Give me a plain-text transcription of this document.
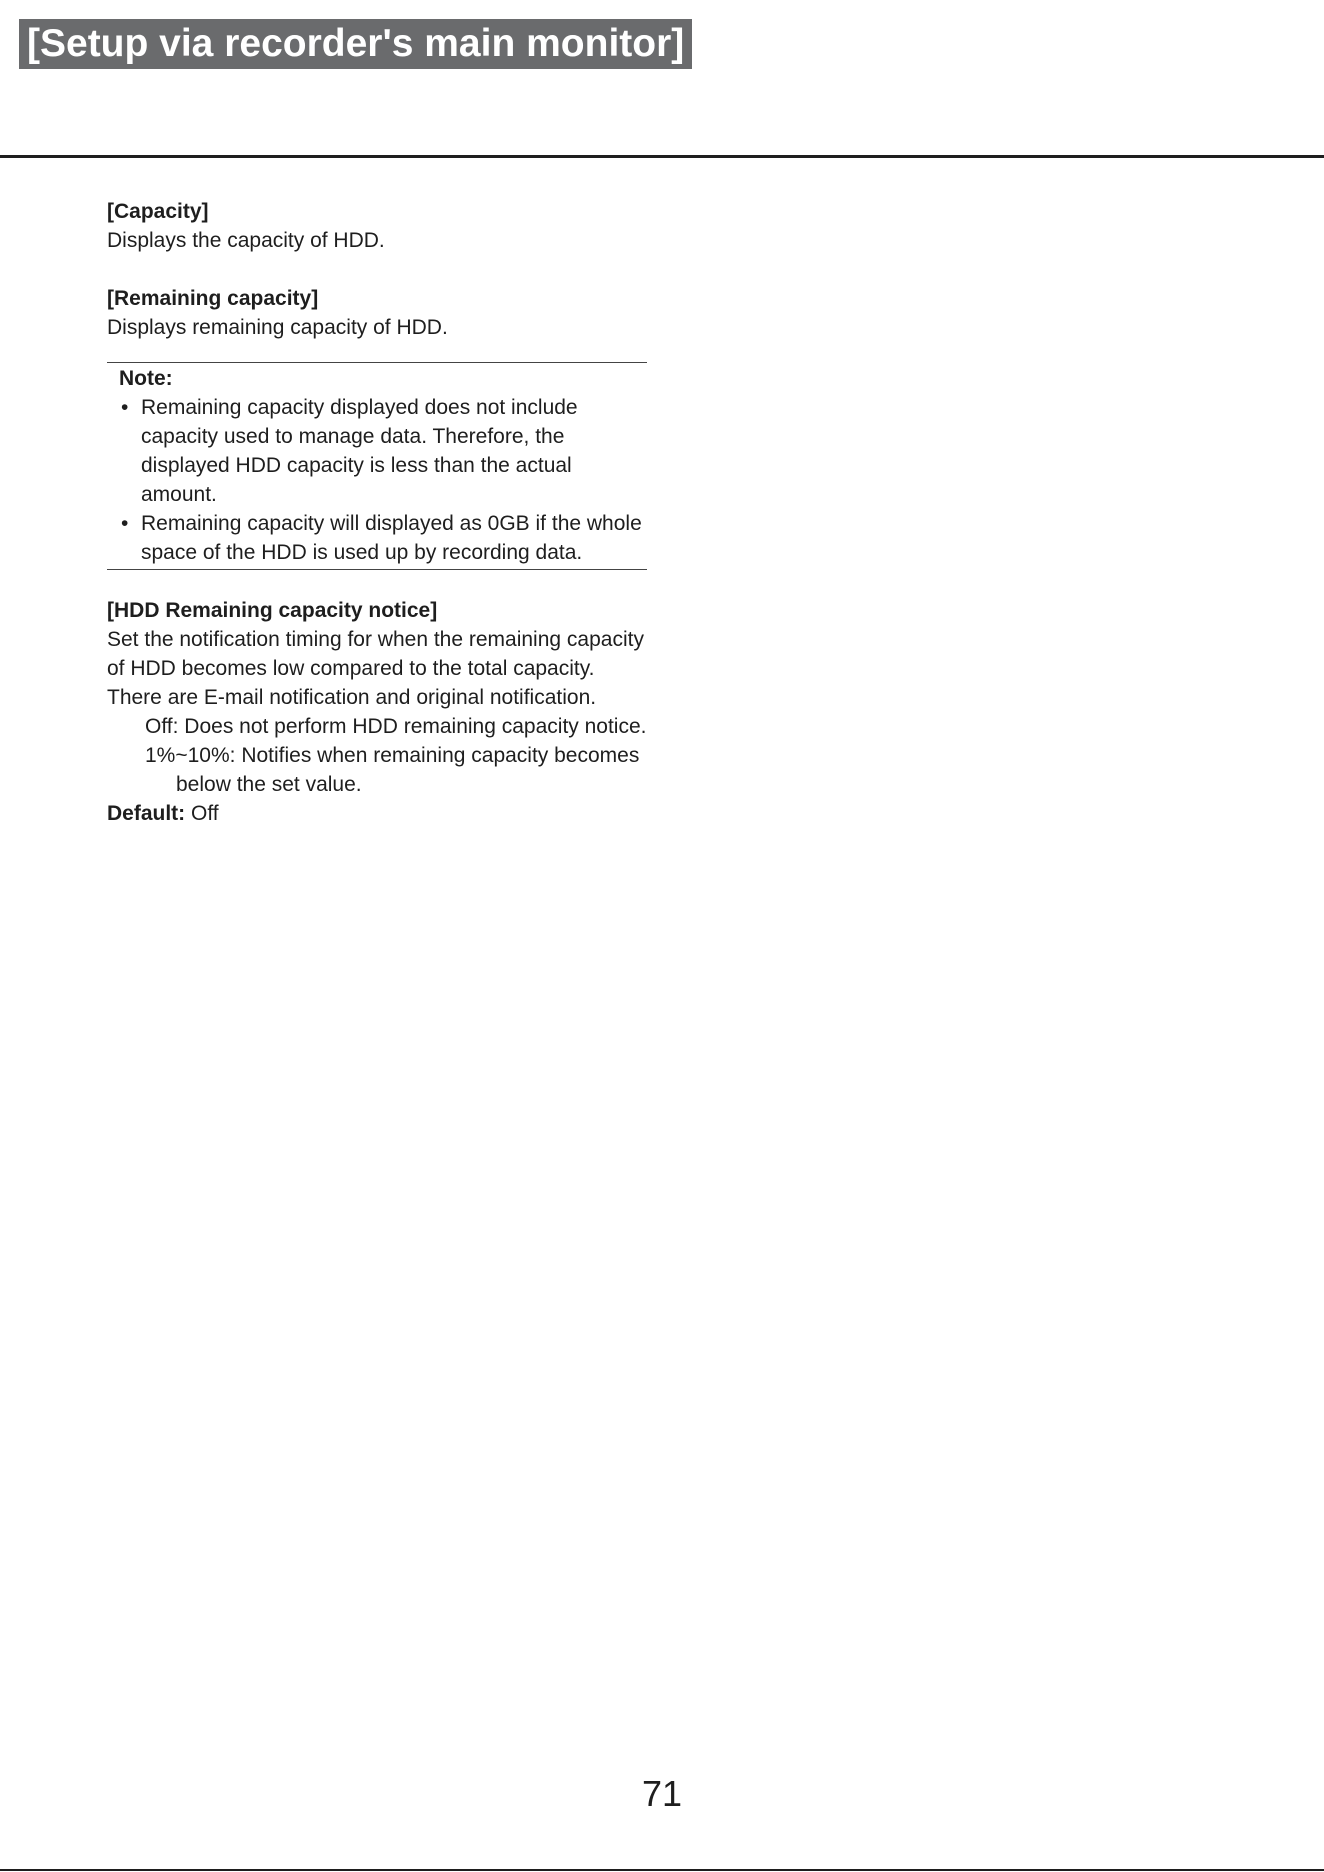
[Setup via recorder's main monitor]

[Capacity]

Displays the capacity of HDD.

[Remaining capacity]

Displays remaining capacity of HDD.

Note:

• Remaining capacity displayed does not include capacity used to manage data. Therefore, the displayed HDD capacity is less than the actual amount.
• Remaining capacity will displayed as 0GB if the whole space of the HDD is used up by recording data.

[HDD Remaining capacity notice]

Set the notification timing for when the remaining capacity of HDD becomes low compared to the total capacity. There are E-mail notification and original notification.

Off: Does not perform HDD remaining capacity notice.

1%~10%: Notifies when remaining capacity becomes below the set value.

Default: Off

71
